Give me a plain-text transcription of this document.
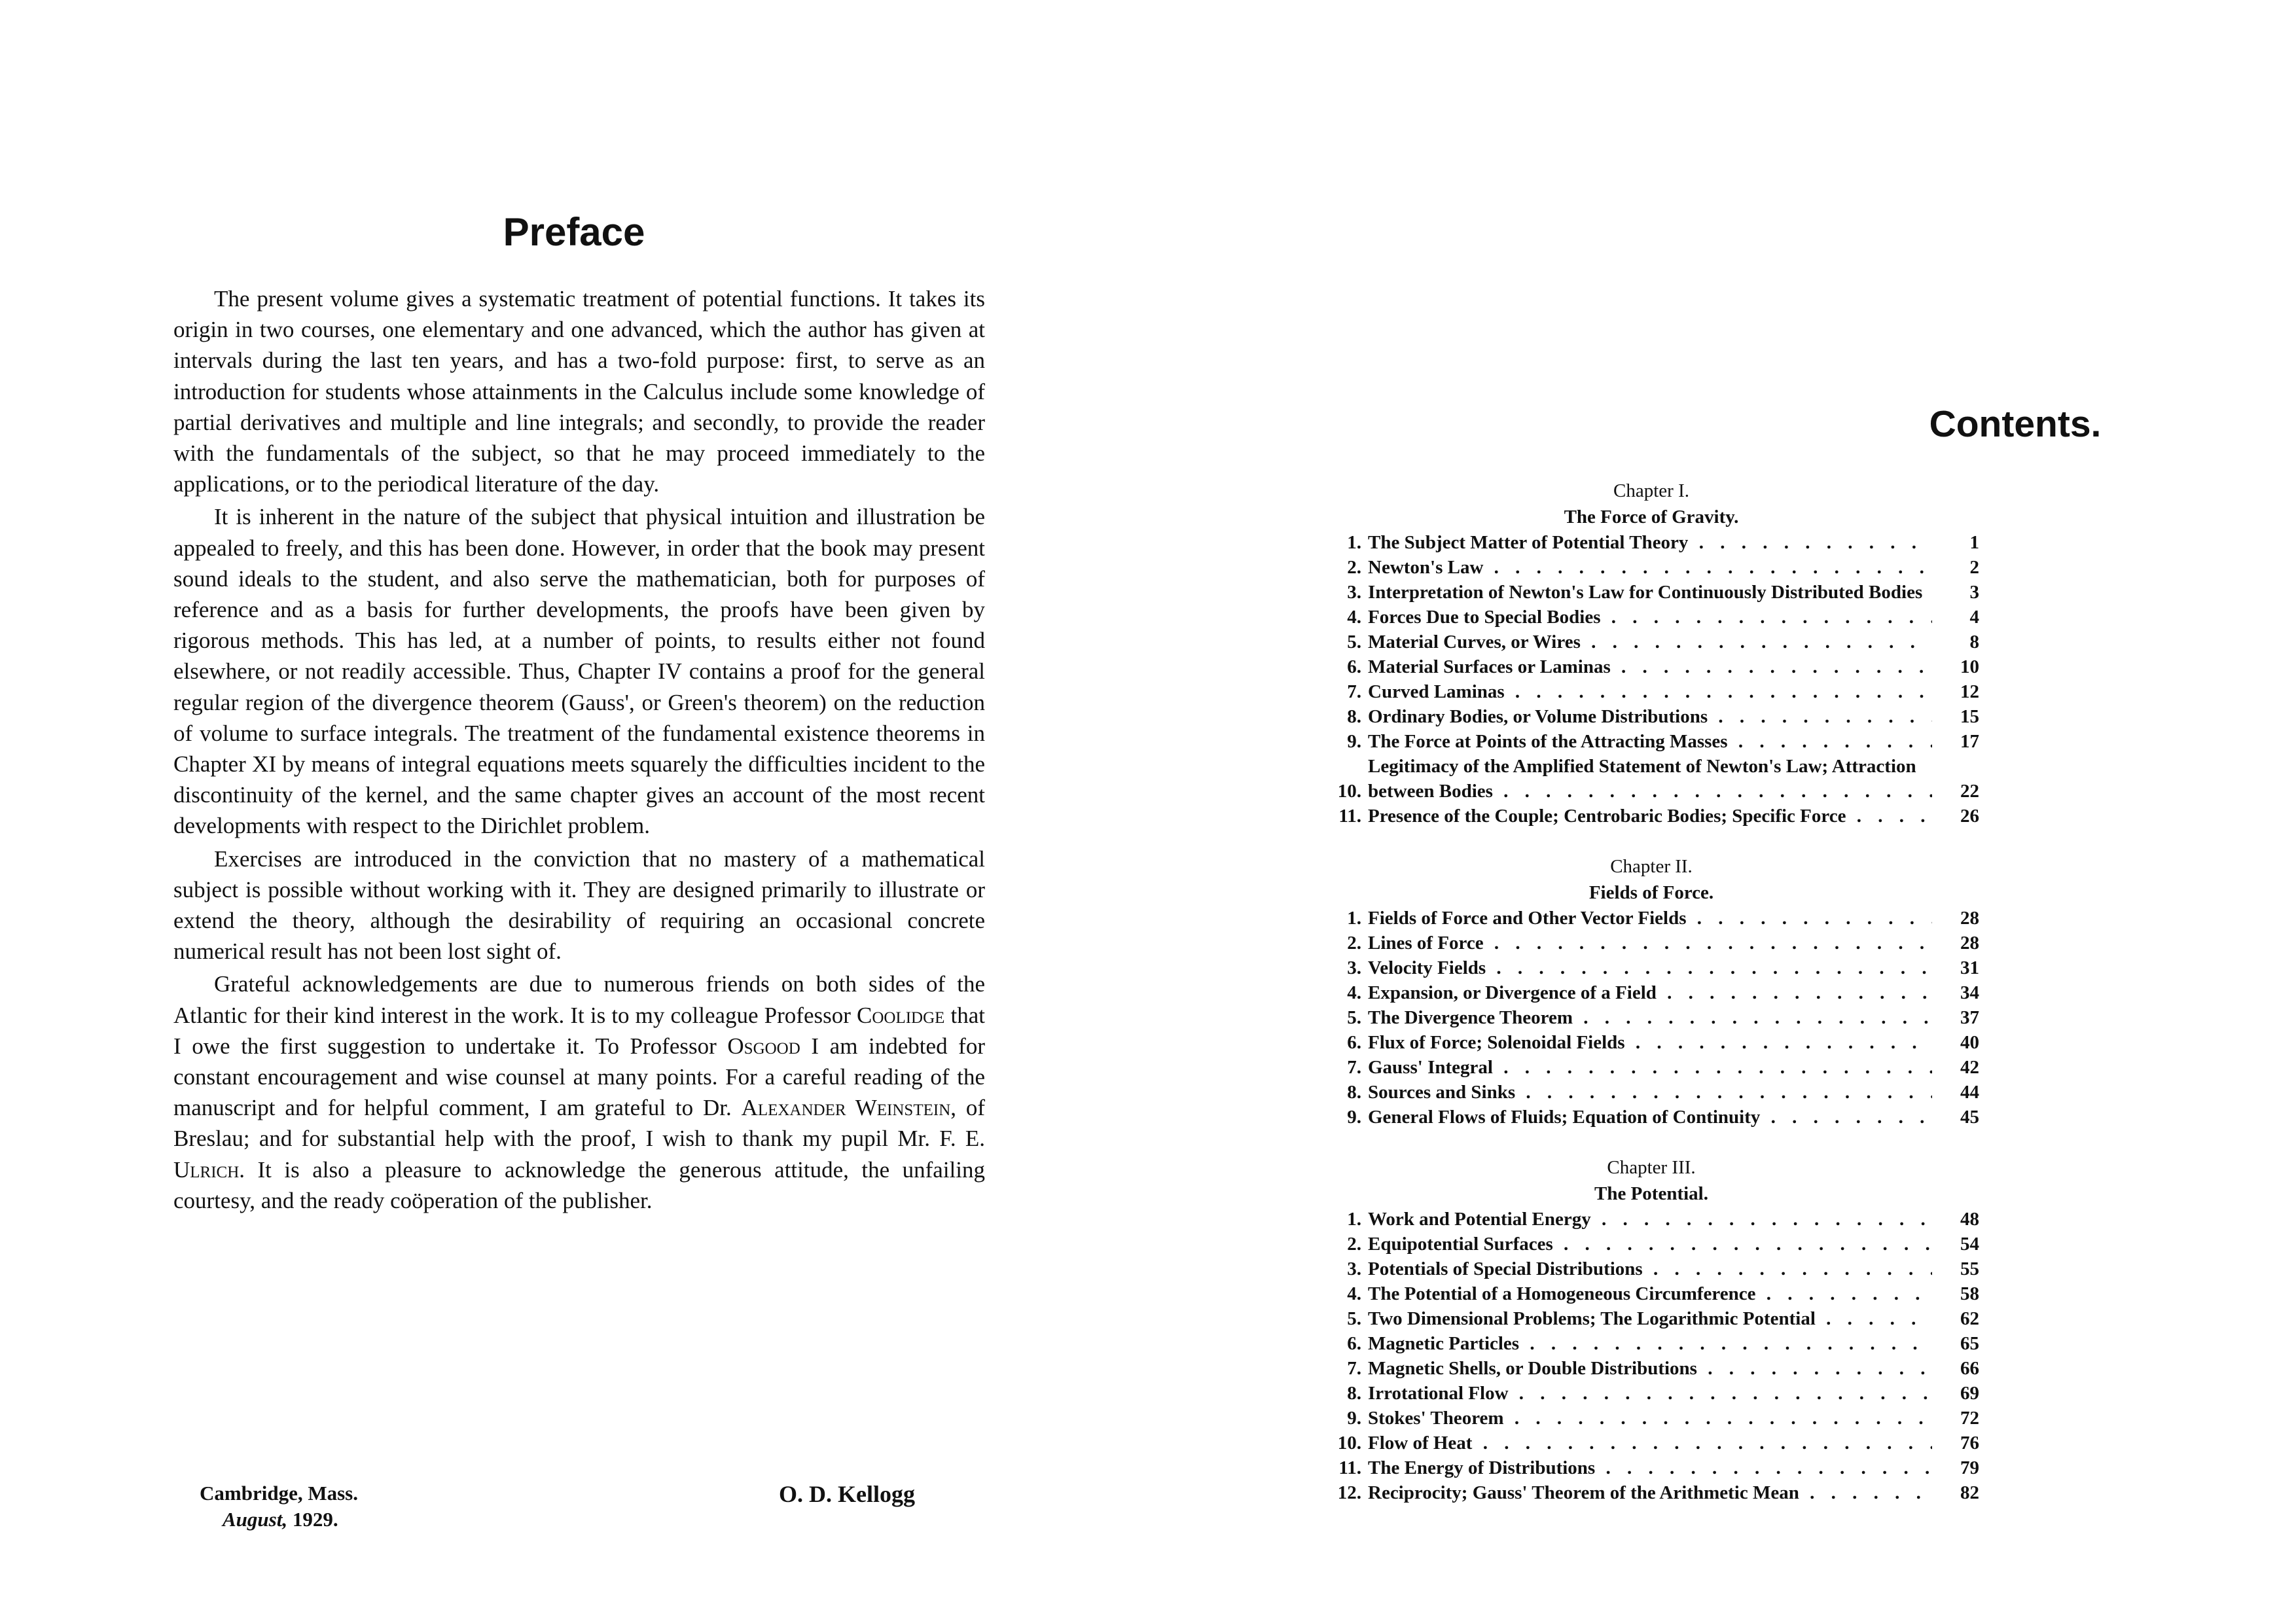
Preface

The present volume gives a systematic treatment of potential functions. It takes its origin in two courses, one elementary and one advanced, which the author has given at intervals during the last ten years, and has a two-fold purpose: first, to serve as an introduction for students whose attainments in the Calculus include some knowledge of partial derivatives and multiple and line integrals; and secondly, to provide the reader with the fundamentals of the subject, so that he may proceed immediately to the applications, or to the periodical literature of the day.

It is inherent in the nature of the subject that physical intuition and illustration be appealed to freely, and this has been done. However, in order that the book may present sound ideals to the student, and also serve the mathematician, both for purposes of reference and as a basis for further developments, the proofs have been given by rigorous methods. This has led, at a number of points, to results either not found elsewhere, or not readily accessible. Thus, Chapter IV contains a proof for the general regular region of the divergence theorem (Gauss', or Green's theorem) on the reduction of volume to surface integrals. The treatment of the fundamental existence theorems in Chapter XI by means of integral equations meets squarely the difficulties incident to the discontinuity of the kernel, and the same chapter gives an account of the most recent developments with respect to the Dirichlet problem.

Exercises are introduced in the conviction that no mastery of a mathematical subject is possible without working with it. They are designed primarily to illustrate or extend the theory, although the desirability of requiring an occasional concrete numerical result has not been lost sight of.

Grateful acknowledgements are due to numerous friends on both sides of the Atlantic for their kind interest in the work. It is to my colleague Professor Coolidge that I owe the first suggestion to undertake it. To Professor Osgood I am indebted for constant encouragement and wise counsel at many points. For a careful reading of the manuscript and for helpful comment, I am grateful to Dr. Alexander Weinstein, of Breslau; and for substantial help with the proof, I wish to thank my pupil Mr. F. E. Ulrich. It is also a pleasure to acknowledge the generous attitude, the unfailing courtesy, and the ready coöperation of the publisher.

Cambridge, Mass.
August, 1929.
O. D. Kellogg
Contents.
Chapter I.
The Force of Gravity.
1. The Subject Matter of Potential Theory . . .	1
2. Newton's Law . . .	2
3. Interpretation of Newton's Law for Continuously Distributed Bodies . . .	3
4. Forces Due to Special Bodies . . .	4
5. Material Curves, or Wires . . .	8
6. Material Surfaces or Laminas . . .	10
7. Curved Laminas . . .	12
8. Ordinary Bodies, or Volume Distributions . . .	15
9. The Force at Points of the Attracting Masses . . .	17
10.
Legitimacy of the Amplified Statement of Newton's Law; Attraction
between Bodies . . .	22
11. Presence of the Couple; Centrobaric Bodies; Specific Force . . .	26
Chapter II.
Fields of Force.
1. Fields of Force and Other Vector Fields . . .	28
2. Lines of Force . . .	28
3. Velocity Fields . . .	31
4. Expansion, or Divergence of a Field . . .	34
5. The Divergence Theorem . . .	37
6. Flux of Force; Solenoidal Fields . . .	40
7. Gauss' Integral . . .	42
8. Sources and Sinks . . .	44
9. General Flows of Fluids; Equation of Continuity . . .	45
Chapter III.
The Potential.
1. Work and Potential Energy . . .	48
2. Equipotential Surfaces . . .	54
3. Potentials of Special Distributions . . .	55
4. The Potential of a Homogeneous Circumference . . .	58
5. Two Dimensional Problems; The Logarithmic Potential . . .	62
6. Magnetic Particles . . .	65
7. Magnetic Shells, or Double Distributions . . .	66
8. Irrotational Flow . . .	69
9. Stokes' Theorem . . .	72
10. Flow of Heat . . .	76
11. The Energy of Distributions . . .	79
12. Reciprocity; Gauss' Theorem of the Arithmetic Mean . . .	82
